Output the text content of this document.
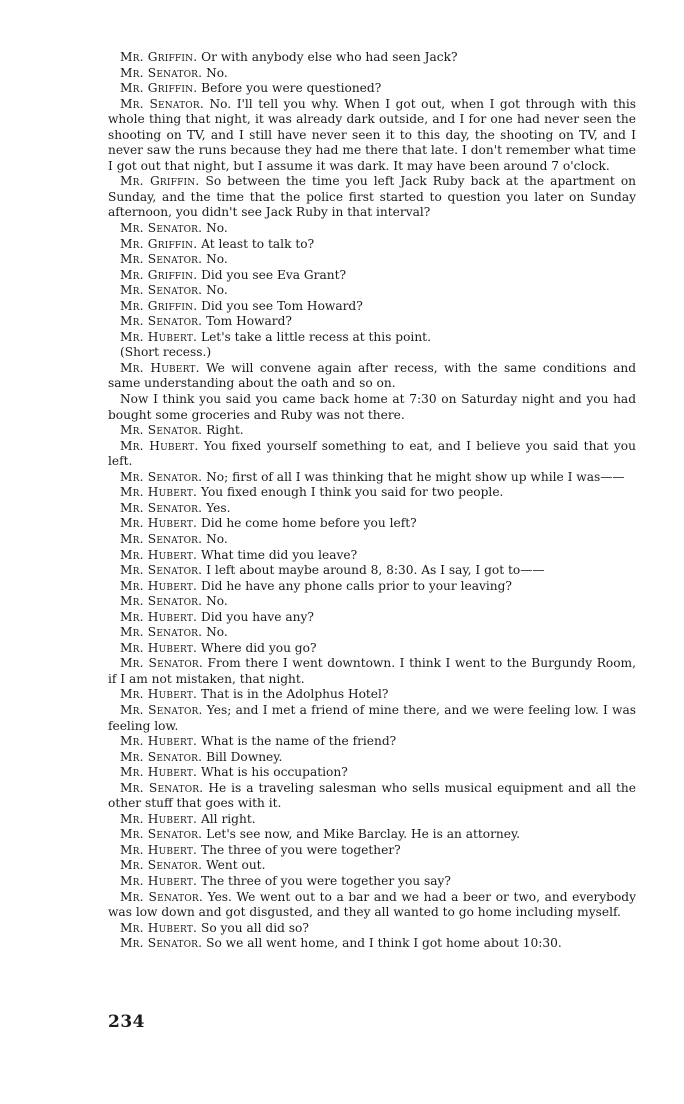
Mr. Griffin. Or with anybody else who had seen Jack?

Mr. Senator. No.

Mr. Griffin. Before you were questioned?

Mr. Senator. No. I'll tell you why. When I got out, when I got through with this whole thing that night, it was already dark outside, and I for one had never seen the shooting on TV, and I still have never seen it to this day, the shooting on TV, and I never saw the runs because they had me there that late. I don't remember what time I got out that night, but I assume it was dark. It may have been around 7 o'clock.

Mr. Griffin. So between the time you left Jack Ruby back at the apartment on Sunday, and the time that the police first started to question you later on Sunday afternoon, you didn't see Jack Ruby in that interval?

Mr. Senator. No.

Mr. Griffin. At least to talk to?

Mr. Senator. No.

Mr. Griffin. Did you see Eva Grant?

Mr. Senator. No.

Mr. Griffin. Did you see Tom Howard?

Mr. Senator. Tom Howard?

Mr. Hubert. Let's take a little recess at this point.

(Short recess.)

Mr. Hubert. We will convene again after recess, with the same conditions and same understanding about the oath and so on.

Now I think you said you came back home at 7:30 on Saturday night and you had bought some groceries and Ruby was not there.

Mr. Senator. Right.

Mr. Hubert. You fixed yourself something to eat, and I believe you said that you left.

Mr. Senator. No; first of all I was thinking that he might show up while I was——

Mr. Hubert. You fixed enough I think you said for two people.

Mr. Senator. Yes.

Mr. Hubert. Did he come home before you left?

Mr. Senator. No.

Mr. Hubert. What time did you leave?

Mr. Senator. I left about maybe around 8, 8:30. As I say, I got to——

Mr. Hubert. Did he have any phone calls prior to your leaving?

Mr. Senator. No.

Mr. Hubert. Did you have any?

Mr. Senator. No.

Mr. Hubert. Where did you go?

Mr. Senator. From there I went downtown. I think I went to the Burgundy Room, if I am not mistaken, that night.

Mr. Hubert. That is in the Adolphus Hotel?

Mr. Senator. Yes; and I met a friend of mine there, and we were feeling low. I was feeling low.

Mr. Hubert. What is the name of the friend?

Mr. Senator. Bill Downey.

Mr. Hubert. What is his occupation?

Mr. Senator. He is a traveling salesman who sells musical equipment and all the other stuff that goes with it.

Mr. Hubert. All right.

Mr. Senator. Let's see now, and Mike Barclay. He is an attorney.

Mr. Hubert. The three of you were together?

Mr. Senator. Went out.

Mr. Hubert. The three of you were together you say?

Mr. Senator. Yes. We went out to a bar and we had a beer or two, and everybody was low down and got disgusted, and they all wanted to go home including myself.

Mr. Hubert. So you all did so?

Mr. Senator. So we all went home, and I think I got home about 10:30.

234
